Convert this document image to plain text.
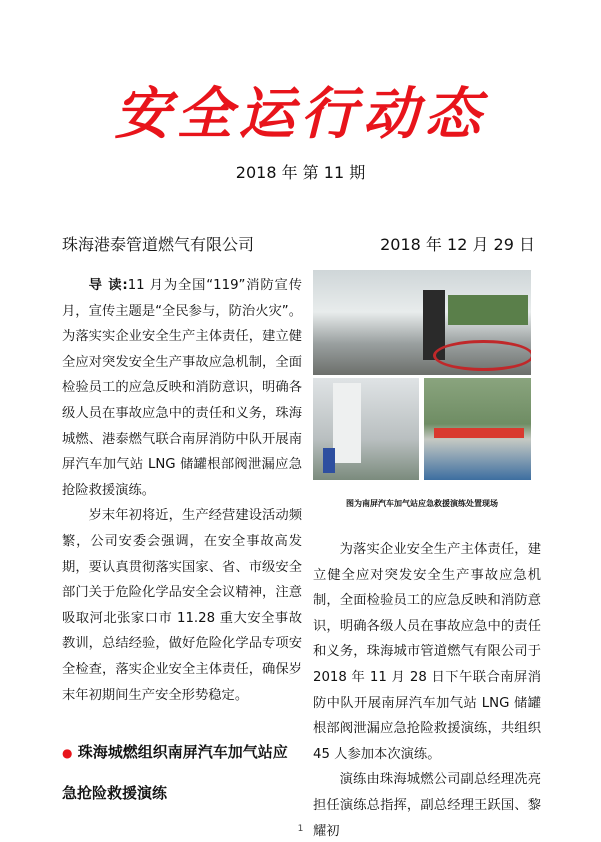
安全运行动态
2018 年 第 11 期
珠海港泰管道燃气有限公司	2018 年 12 月 29 日

导 读:11 月为全国“119”消防宣传月，宣传主题是“全民参与，防治火灾”。为落实实企业安全生产主体责任，建立健全应对突发安全生产事故应急机制，全面检验员工的应急反映和消防意识，明确各级人员在事故应急中的责任和义务，珠海城燃、港泰燃气联合南屏消防中队开展南屏汽车加气站 LNG 储罐根部阀泄漏应急抢险救援演练。

岁末年初将近，生产经营建设活动频繁，公司安委会强调，在安全事故高发期，要认真贯彻落实国家、省、市级安全部门关于危险化学品安全会议精神，注意吸取河北张家口市 11.28 重大安全事故教训，总结经验，做好危险化学品专项安全检查，落实企业安全主体责任，确保岁末年初期间生产安全形势稳定。

● 珠海城燃组织南屏汽车加气站应急抢险救援演练
图为南屏汽车加气站应急救援演练处置现场

为落实企业安全生产主体责任，建立健全应对突发安全生产事故应急机制，全面检验员工的应急反映和消防意识，明确各级人员在事故应急中的责任和义务，珠海城市管道燃气有限公司于 2018 年 11 月 28 日下午联合南屏消防中队开展南屏汽车加气站 LNG 储罐根部阀泄漏应急抢险救援演练，共组织 45 人参加本次演练。

演练由珠海城燃公司副总经理冼亮担任演练总指挥，副总经理王跃国、黎耀初

1
